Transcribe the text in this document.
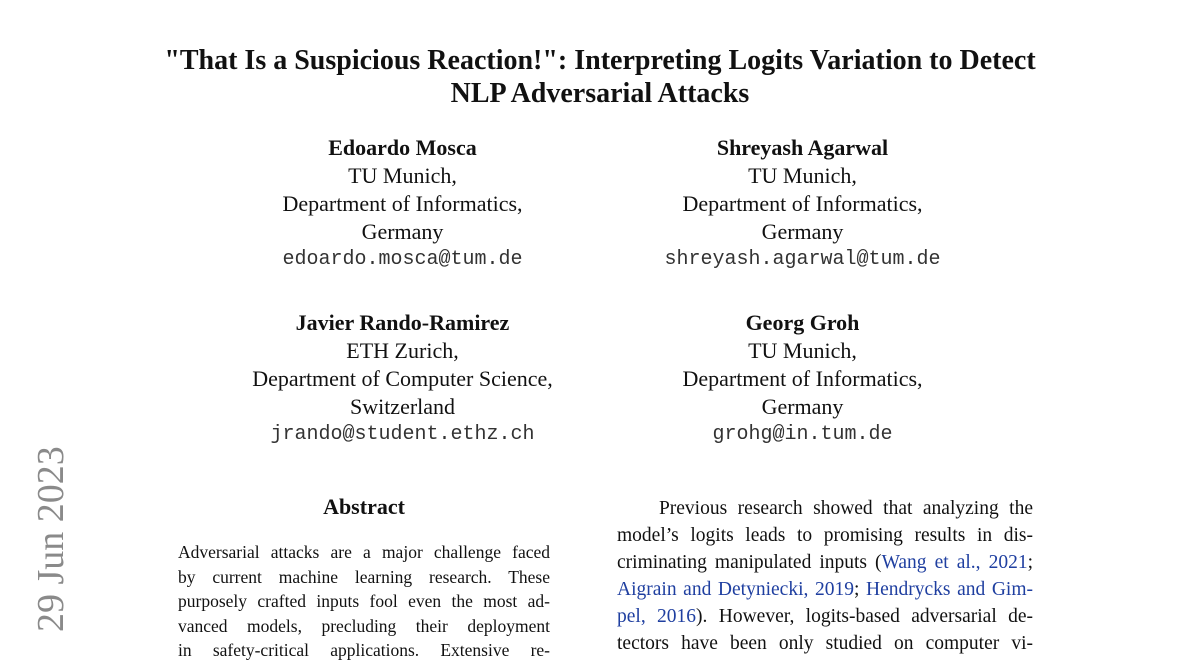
"That Is a Suspicious Reaction!": Interpreting Logits Variation to Detect
NLP Adversarial Attacks
Edoardo Mosca
TU Munich,
Department of Informatics,
Germany
edoardo.mosca@tum.de
Shreyash Agarwal
TU Munich,
Department of Informatics,
Germany
shreyash.agarwal@tum.de
Javier Rando-Ramirez
ETH Zurich,
Department of Computer Science,
Switzerland
jrando@student.ethz.ch
Georg Groh
TU Munich,
Department of Informatics,
Germany
grohg@in.tum.de
29 Jun 2023	Abstract
Adversarial attacks are a major challenge faced
by current machine learning research. These
purposely crafted inputs fool even the most ad-
vanced models, precluding their deployment
in safety-critical applications. Extensive re-
Previous research showed that analyzing the
model’s logits leads to promising results in dis-
criminating manipulated inputs (Wang et al., 2021;
Aigrain and Detyniecki, 2019; Hendrycks and Gim-
pel, 2016). However, logits-based adversarial de-
tectors have been only studied on computer vi-
